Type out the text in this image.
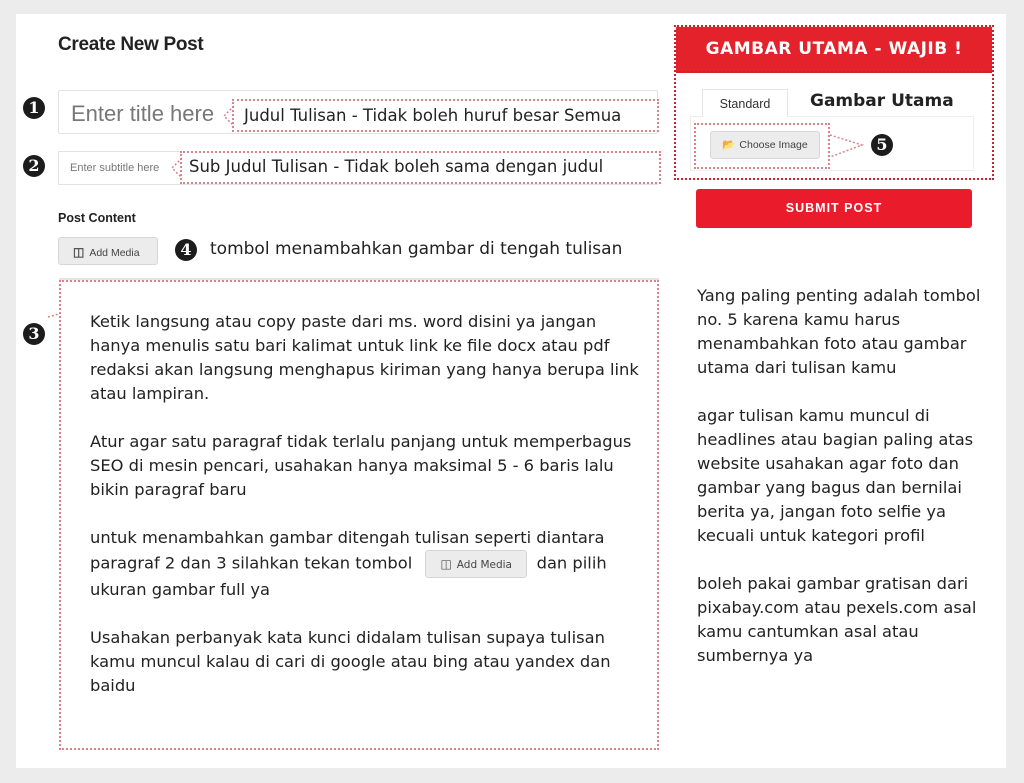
Create New Post
1 Enter title here	Judul Tulisan - Tidak boleh huruf besar Semua
2	Enter subtitle here	Sub Judul Tulisan - Tidak boleh sama dengan judul
Post Content
◫ Add Media	4	tombol menambahkan gambar di tengah tulisan
3

Ketik langsung atau copy paste dari ms. word disini ya jangan hanya menulis satu bari kalimat untuk link ke file docx atau pdf redaksi akan langsung menghapus kiriman yang hanya berupa link atau lampiran.

Atur agar satu paragraf tidak terlalu panjang untuk memperbagus SEO di mesin pencari, usahakan hanya maksimal 5 - 6 baris lalu bikin paragraf baru

untuk menambahkan gambar ditengah tulisan seperti diantara
paragraf 2 dan 3 silahkan tekan tombol ◫ Add Media dan pilih
ukuran gambar full ya

Usahakan perbanyak kata kunci didalam tulisan supaya tulisan kamu muncul kalau di cari di google atau bing atau yandex dan baidu

GAMBAR UTAMA - WAJIB !
Standard	Gambar Utama
📂 Choose Image	5
SUBMIT POST

Yang paling penting adalah tombol no. 5 karena kamu harus menambahkan foto atau gambar utama dari tulisan kamu

agar tulisan kamu muncul di headlines atau bagian paling atas website usahakan agar foto dan gambar yang bagus dan bernilai berita ya, jangan foto selfie ya kecuali untuk kategori profil

boleh pakai gambar gratisan dari pixabay.com atau pexels.com asal kamu cantumkan asal atau sumbernya ya
